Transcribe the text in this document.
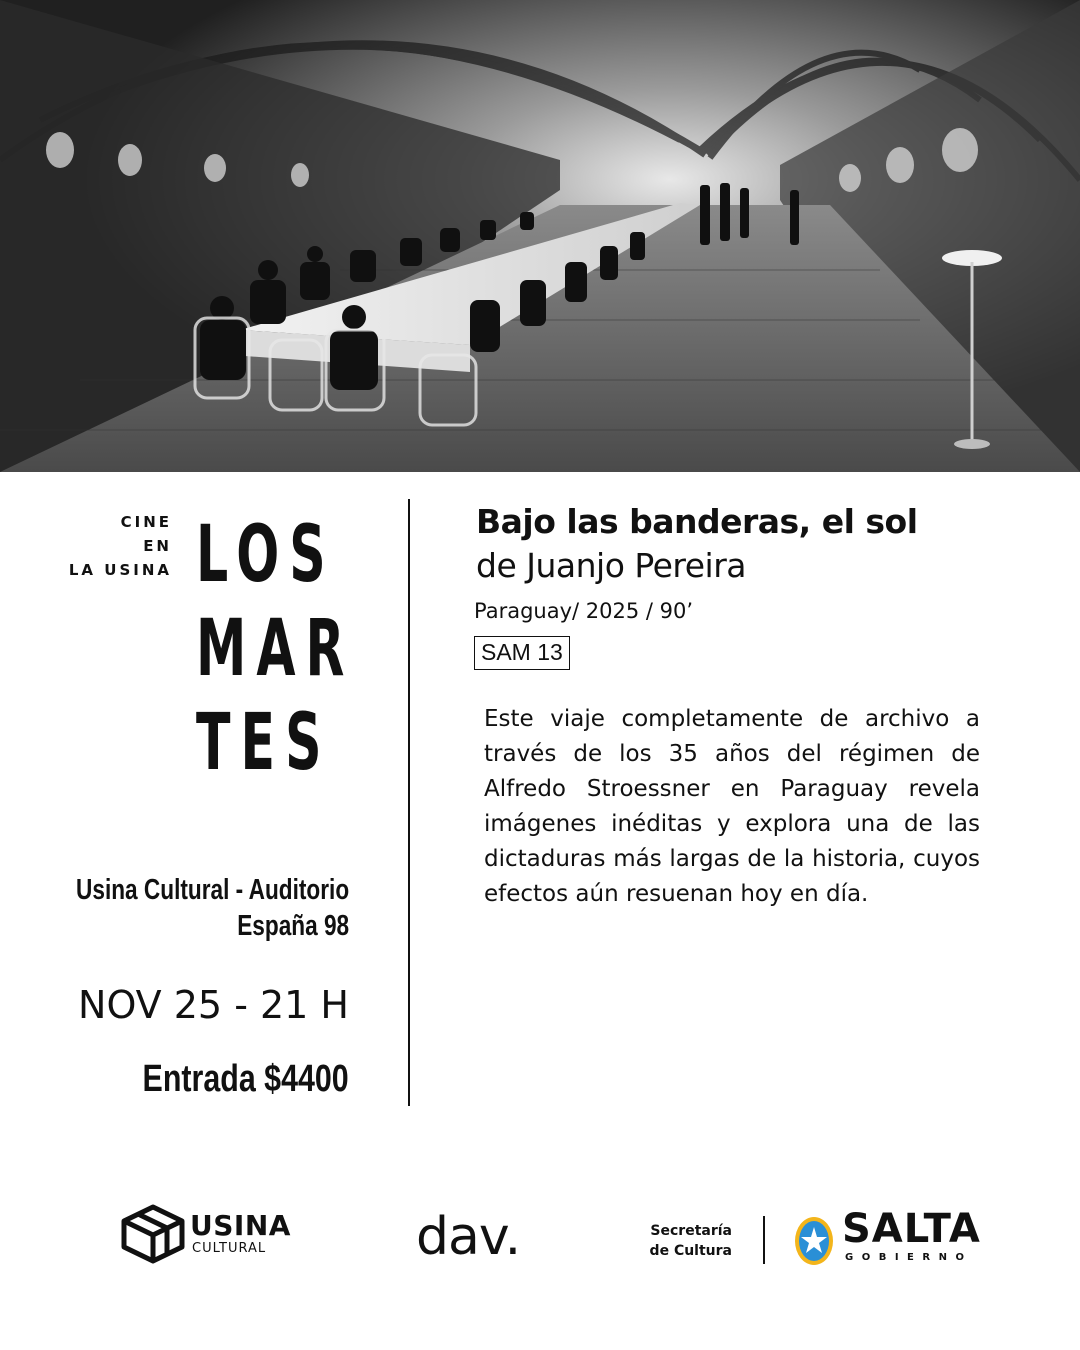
CINE
EN
LA USINA LOS
MAR
TES
Usina Cultural - Auditorio
España 98
NOV 25 - 21 H
Entrada $4400
Bajo las banderas, el sol
de Juanjo Pereira
Paraguay/ 2025 / 90’
SAM 13

Este viaje completamente de archivo a través de los 35 años del régimen de Alfredo Stroessner en Paraguay revela imágenes inéditas y explora una de las dictaduras más largas de la historia, cuyos efectos aún resuenan hoy en día.

USINA
CULTURAL	dav.	Secretaría
de Cultura	SALTA
GOBIERNO
